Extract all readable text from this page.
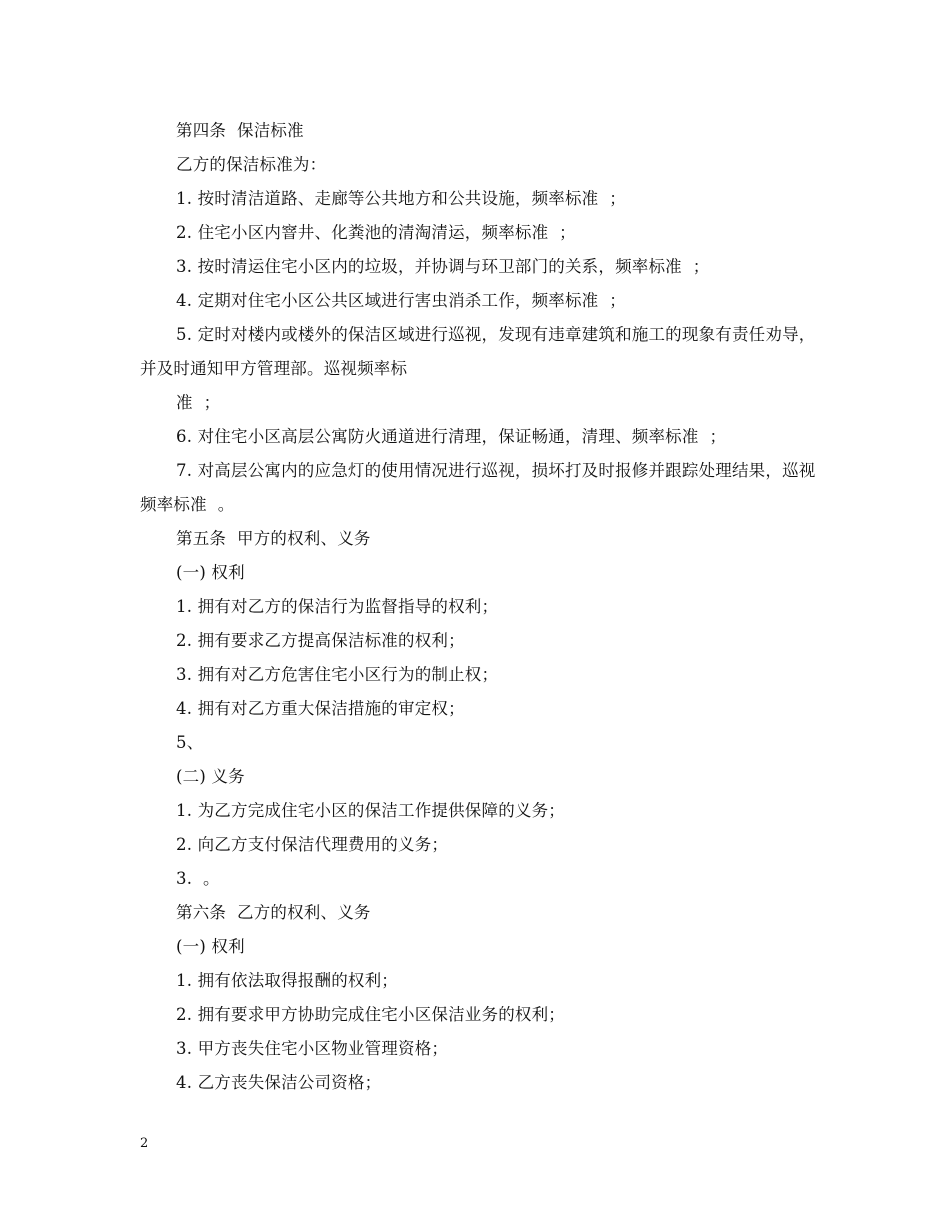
第四条  保洁标准

乙方的保洁标准为：

1. 按时清洁道路、走廊等公共地方和公共设施，频率标准  ；

2. 住宅小区内窨井、化粪池的清淘清运，频率标准  ；

3. 按时清运住宅小区内的垃圾，并协调与环卫部门的关系，频率标准  ；

4. 定期对住宅小区公共区域进行害虫消杀工作，频率标准  ；

5. 定时对楼内或楼外的保洁区域进行巡视，发现有违章建筑和施工的现象有责任劝导，并及时通知甲方管理部。巡视频率标

准  ；

6. 对住宅小区高层公寓防火通道进行清理，保证畅通，清理、频率标准  ；

7. 对高层公寓内的应急灯的使用情况进行巡视，损坏打及时报修并跟踪处理结果，巡视频率标准  。

第五条  甲方的权利、义务

(一) 权利

1. 拥有对乙方的保洁行为监督指导的权利；

2. 拥有要求乙方提高保洁标准的权利；

3. 拥有对乙方危害住宅小区行为的制止权；

4. 拥有对乙方重大保洁措施的审定权；

5、

(二) 义务

1. 为乙方完成住宅小区的保洁工作提供保障的义务；

2. 向乙方支付保洁代理费用的义务；

3.  。

第六条  乙方的权利、义务

(一) 权利

1. 拥有依法取得报酬的权利；

2. 拥有要求甲方协助完成住宅小区保洁业务的权利；

3. 甲方丧失住宅小区物业管理资格；

4. 乙方丧失保洁公司资格；

2
